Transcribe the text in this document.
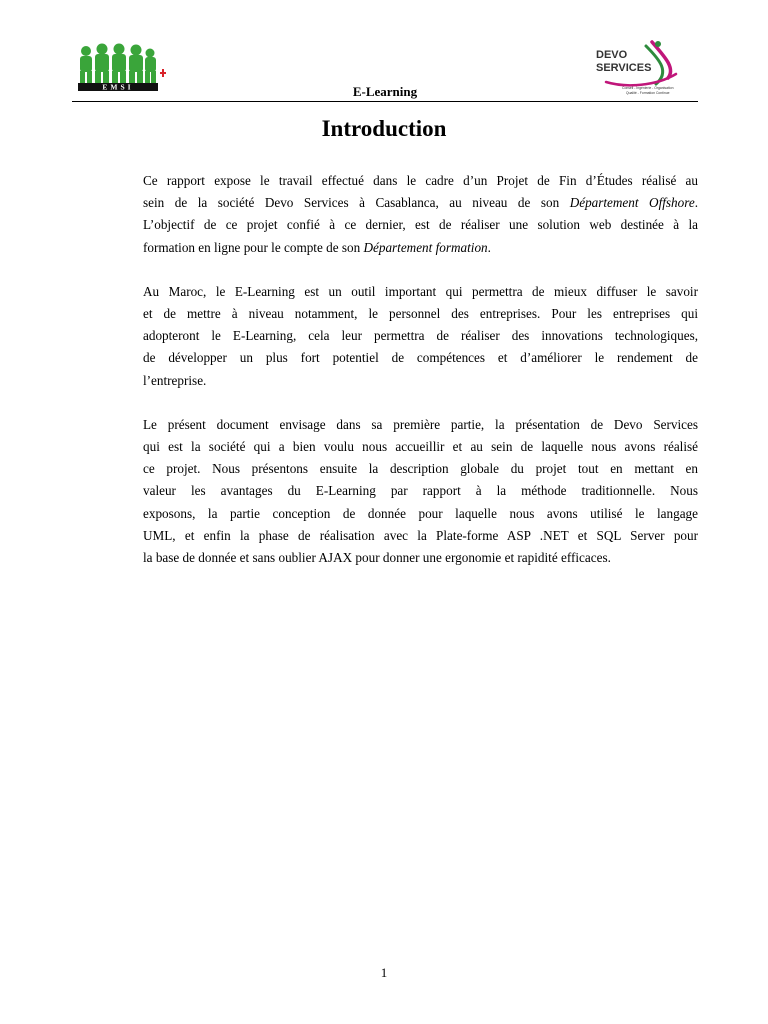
EMSI	E-Learning
DEVO
SERVICES
Conseil - Ingénierie - Organisation
Qualité - Formation Continue
Introduction

Ce rapport expose le travail effectué dans le cadre d’un Projet de Fin d’Études réalisé au
sein de la société Devo Services à Casablanca, au niveau de son Département Offshore.
L’objectif de ce projet confié à ce dernier, est de réaliser une solution web destinée à la
formation en ligne pour le compte de son Département formation.

Au Maroc, le E-Learning est un outil important qui permettra de mieux diffuser le savoir
et de mettre à niveau notamment, le personnel des entreprises. Pour les entreprises qui
adopteront le E-Learning, cela leur permettra de réaliser des innovations technologiques,
de développer un plus fort potentiel de compétences et d’améliorer le rendement de
l’entreprise.

Le présent document envisage dans sa première partie, la présentation de Devo Services
qui est la société qui a bien voulu nous accueillir et au sein de laquelle nous avons réalisé
ce projet. Nous présentons ensuite la description globale du projet tout en mettant en
valeur les avantages du E-Learning par rapport à la méthode traditionnelle. Nous
exposons, la partie conception de donnée pour laquelle nous avons utilisé le langage
UML, et enfin la phase de réalisation avec la Plate-forme ASP .NET et SQL Server pour
la base de donnée et sans oublier AJAX pour donner une ergonomie et rapidité efficaces.

1
